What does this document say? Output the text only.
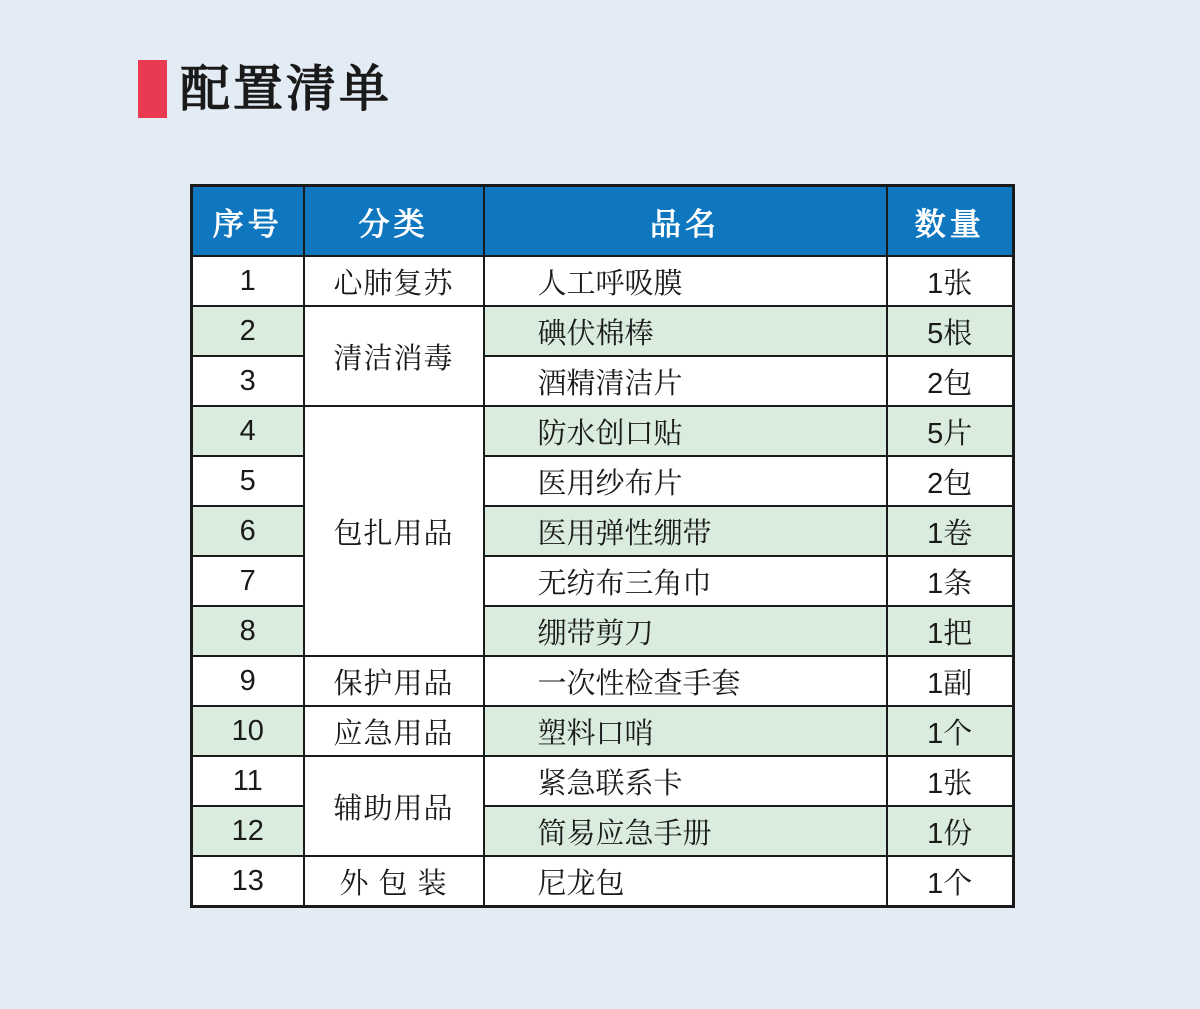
配置清单
序号	分类	品名	数量
1	心肺复苏	人工呼吸膜	1张
2	清洁消毒	碘伏棉棒	5根
3		酒精清洁片	2包
4	包扎用品	防水创口贴	5片
5		医用纱布片	2包
6		医用弹性绷带	1卷
7		无纺布三角巾	1条
8		绷带剪刀	1把
9	保护用品	一次性检查手套	1副
10	应急用品	塑料口哨	1个
11	辅助用品	紧急联系卡	1张
12		简易应急手册	1份
13	外 包 装	尼龙包	1个
